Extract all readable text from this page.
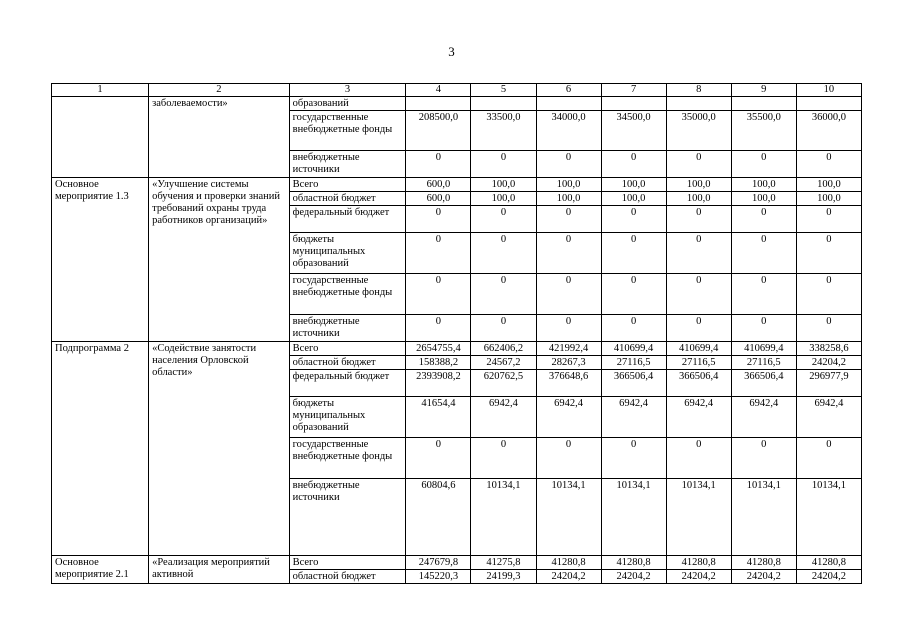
3
1	2	3	4	5	6	7	8	9	10
	заболеваемости»	образований							
		государственные внебюджетные фонды	208500,0	33500,0	34000,0	34500,0	35000,0	35500,0	36000,0
		внебюджетные источники	0	0	0	0	0	0	0
Основное мероприятие 1.3	«Улучшение системы обучения и проверки знаний требований охраны труда работников организаций»	Всего	600,0	100,0	100,0	100,0	100,0	100,0	100,0
		областной бюджет	600,0	100,0	100,0	100,0	100,0	100,0	100,0
		федеральный бюджет	0	0	0	0	0	0	0
		бюджеты муниципальных образований	0	0	0	0	0	0	0
		государственные внебюджетные фонды	0	0	0	0	0	0	0
		внебюджетные источники	0	0	0	0	0	0	0
Подпрограмма 2	«Содействие занятости населения Орловской области»	Всего	2654755,4	662406,2	421992,4	410699,4	410699,4	410699,4	338258,6
		областной бюджет	158388,2	24567,2	28267,3	27116,5	27116,5	27116,5	24204,2
		федеральный бюджет	2393908,2	620762,5	376648,6	366506,4	366506,4	366506,4	296977,9
		бюджеты муниципальных образований	41654,4	6942,4	6942,4	6942,4	6942,4	6942,4	6942,4
		государственные внебюджетные фонды	0	0	0	0	0	0	0
		внебюджетные источники	60804,6	10134,1	10134,1	10134,1	10134,1	10134,1	10134,1
Основное мероприятие 2.1	«Реализация мероприятий активной	Всего	247679,8	41275,8	41280,8	41280,8	41280,8	41280,8	41280,8
		областной бюджет	145220,3	24199,3	24204,2	24204,2	24204,2	24204,2	24204,2
